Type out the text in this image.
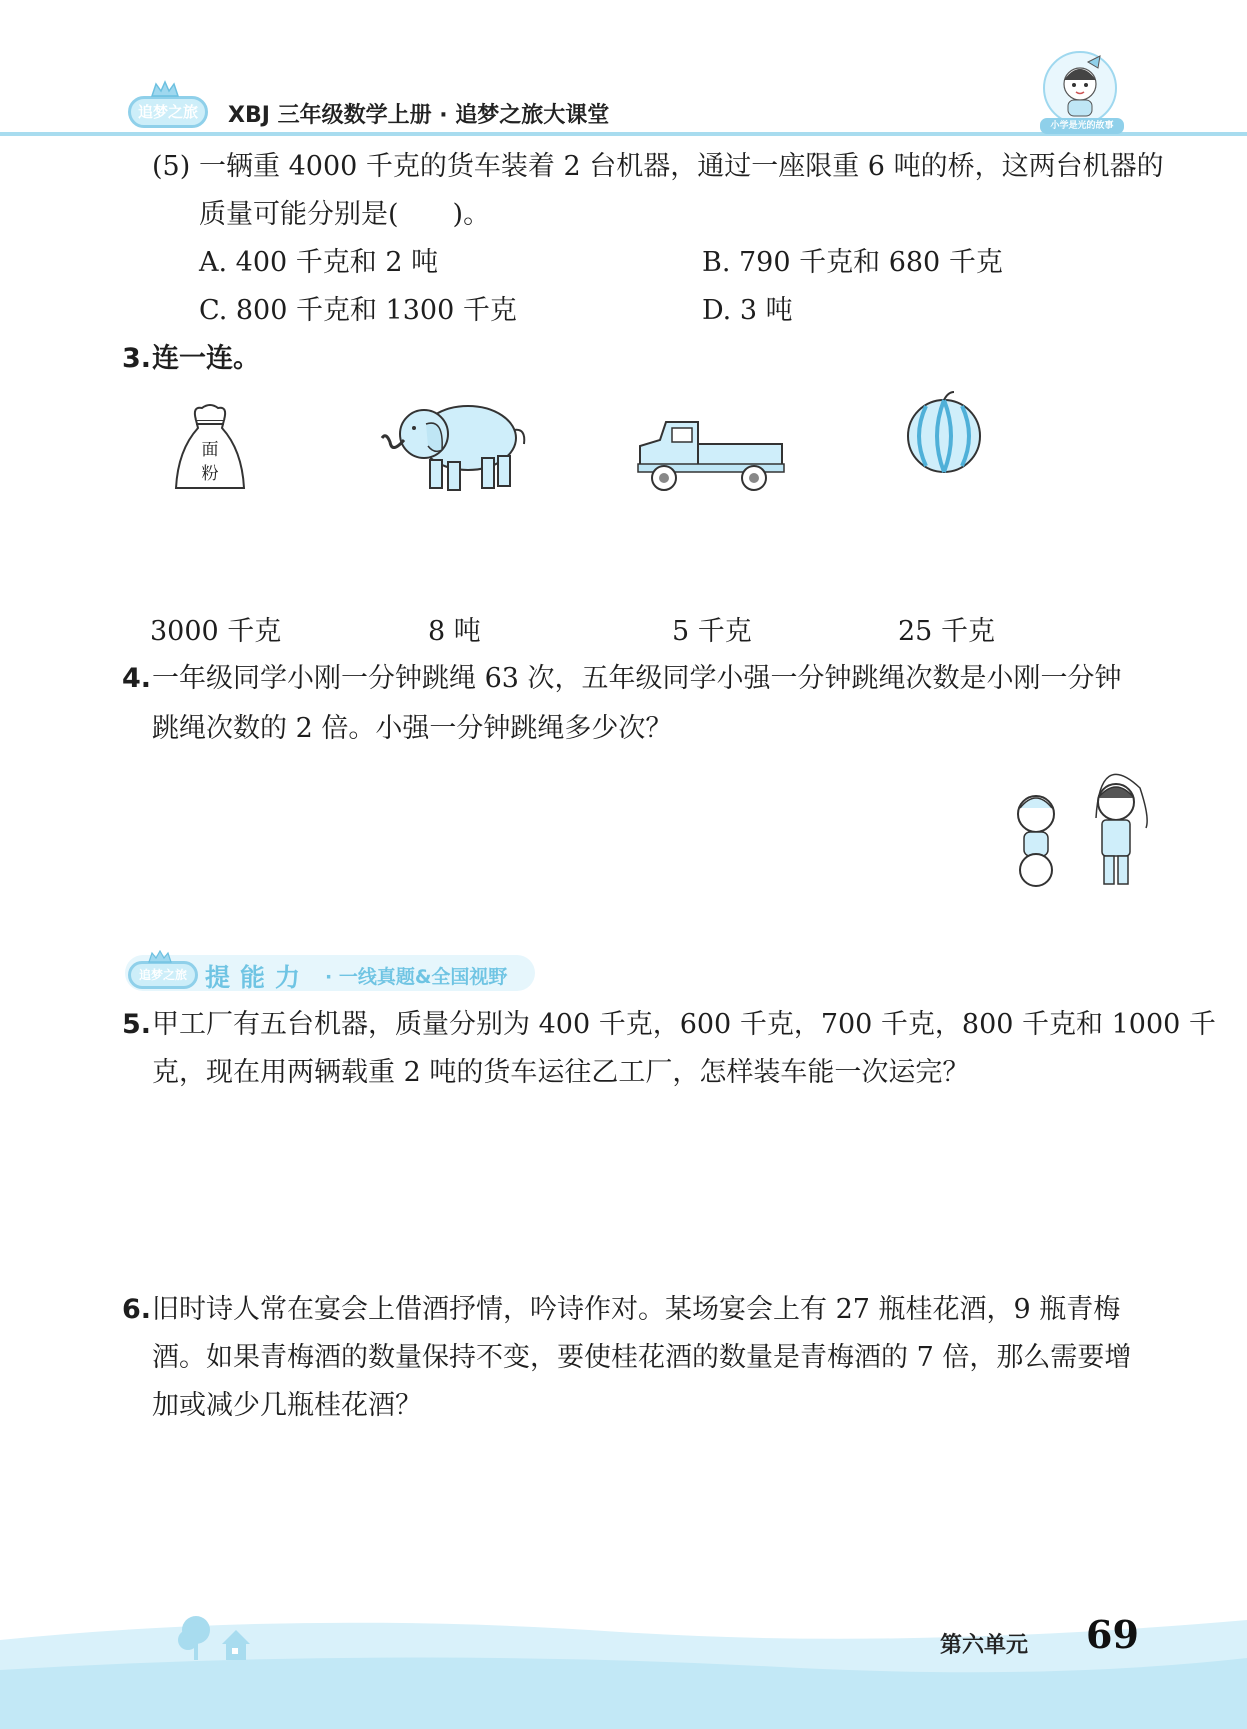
追梦之旅	XBJ 三年级数学上册 · 追梦之旅大课堂	小学是光的故事
(5) 一辆重 4000 千克的货车装着 2 台机器，通过一座限重 6 吨的桥，这两台机器的
质量可能分别是(　　)。
A. 400 千克和 2 吨	B. 790 千克和 680 千克
C. 800 千克和 1300 千克	D. 3 吨
3. 连一连。
面粉
3000 千克	8 吨	5 千克	25 千克
4. 一年级同学小刚一分钟跳绳 63 次，五年级同学小强一分钟跳绳次数是小刚一分钟
跳绳次数的 2 倍。小强一分钟跳绳多少次？
追梦之旅 提能力 · 一线真题&全国视野
5. 甲工厂有五台机器，质量分别为 400 千克，600 千克，700 千克，800 千克和 1000 千
克，现在用两辆载重 2 吨的货车运往乙工厂，怎样装车能一次运完？
6. 旧时诗人常在宴会上借酒抒情，吟诗作对。某场宴会上有 27 瓶桂花酒，9 瓶青梅
酒。如果青梅酒的数量保持不变，要使桂花酒的数量是青梅酒的 7 倍，那么需要增
加或减少几瓶桂花酒？
第六单元 69
